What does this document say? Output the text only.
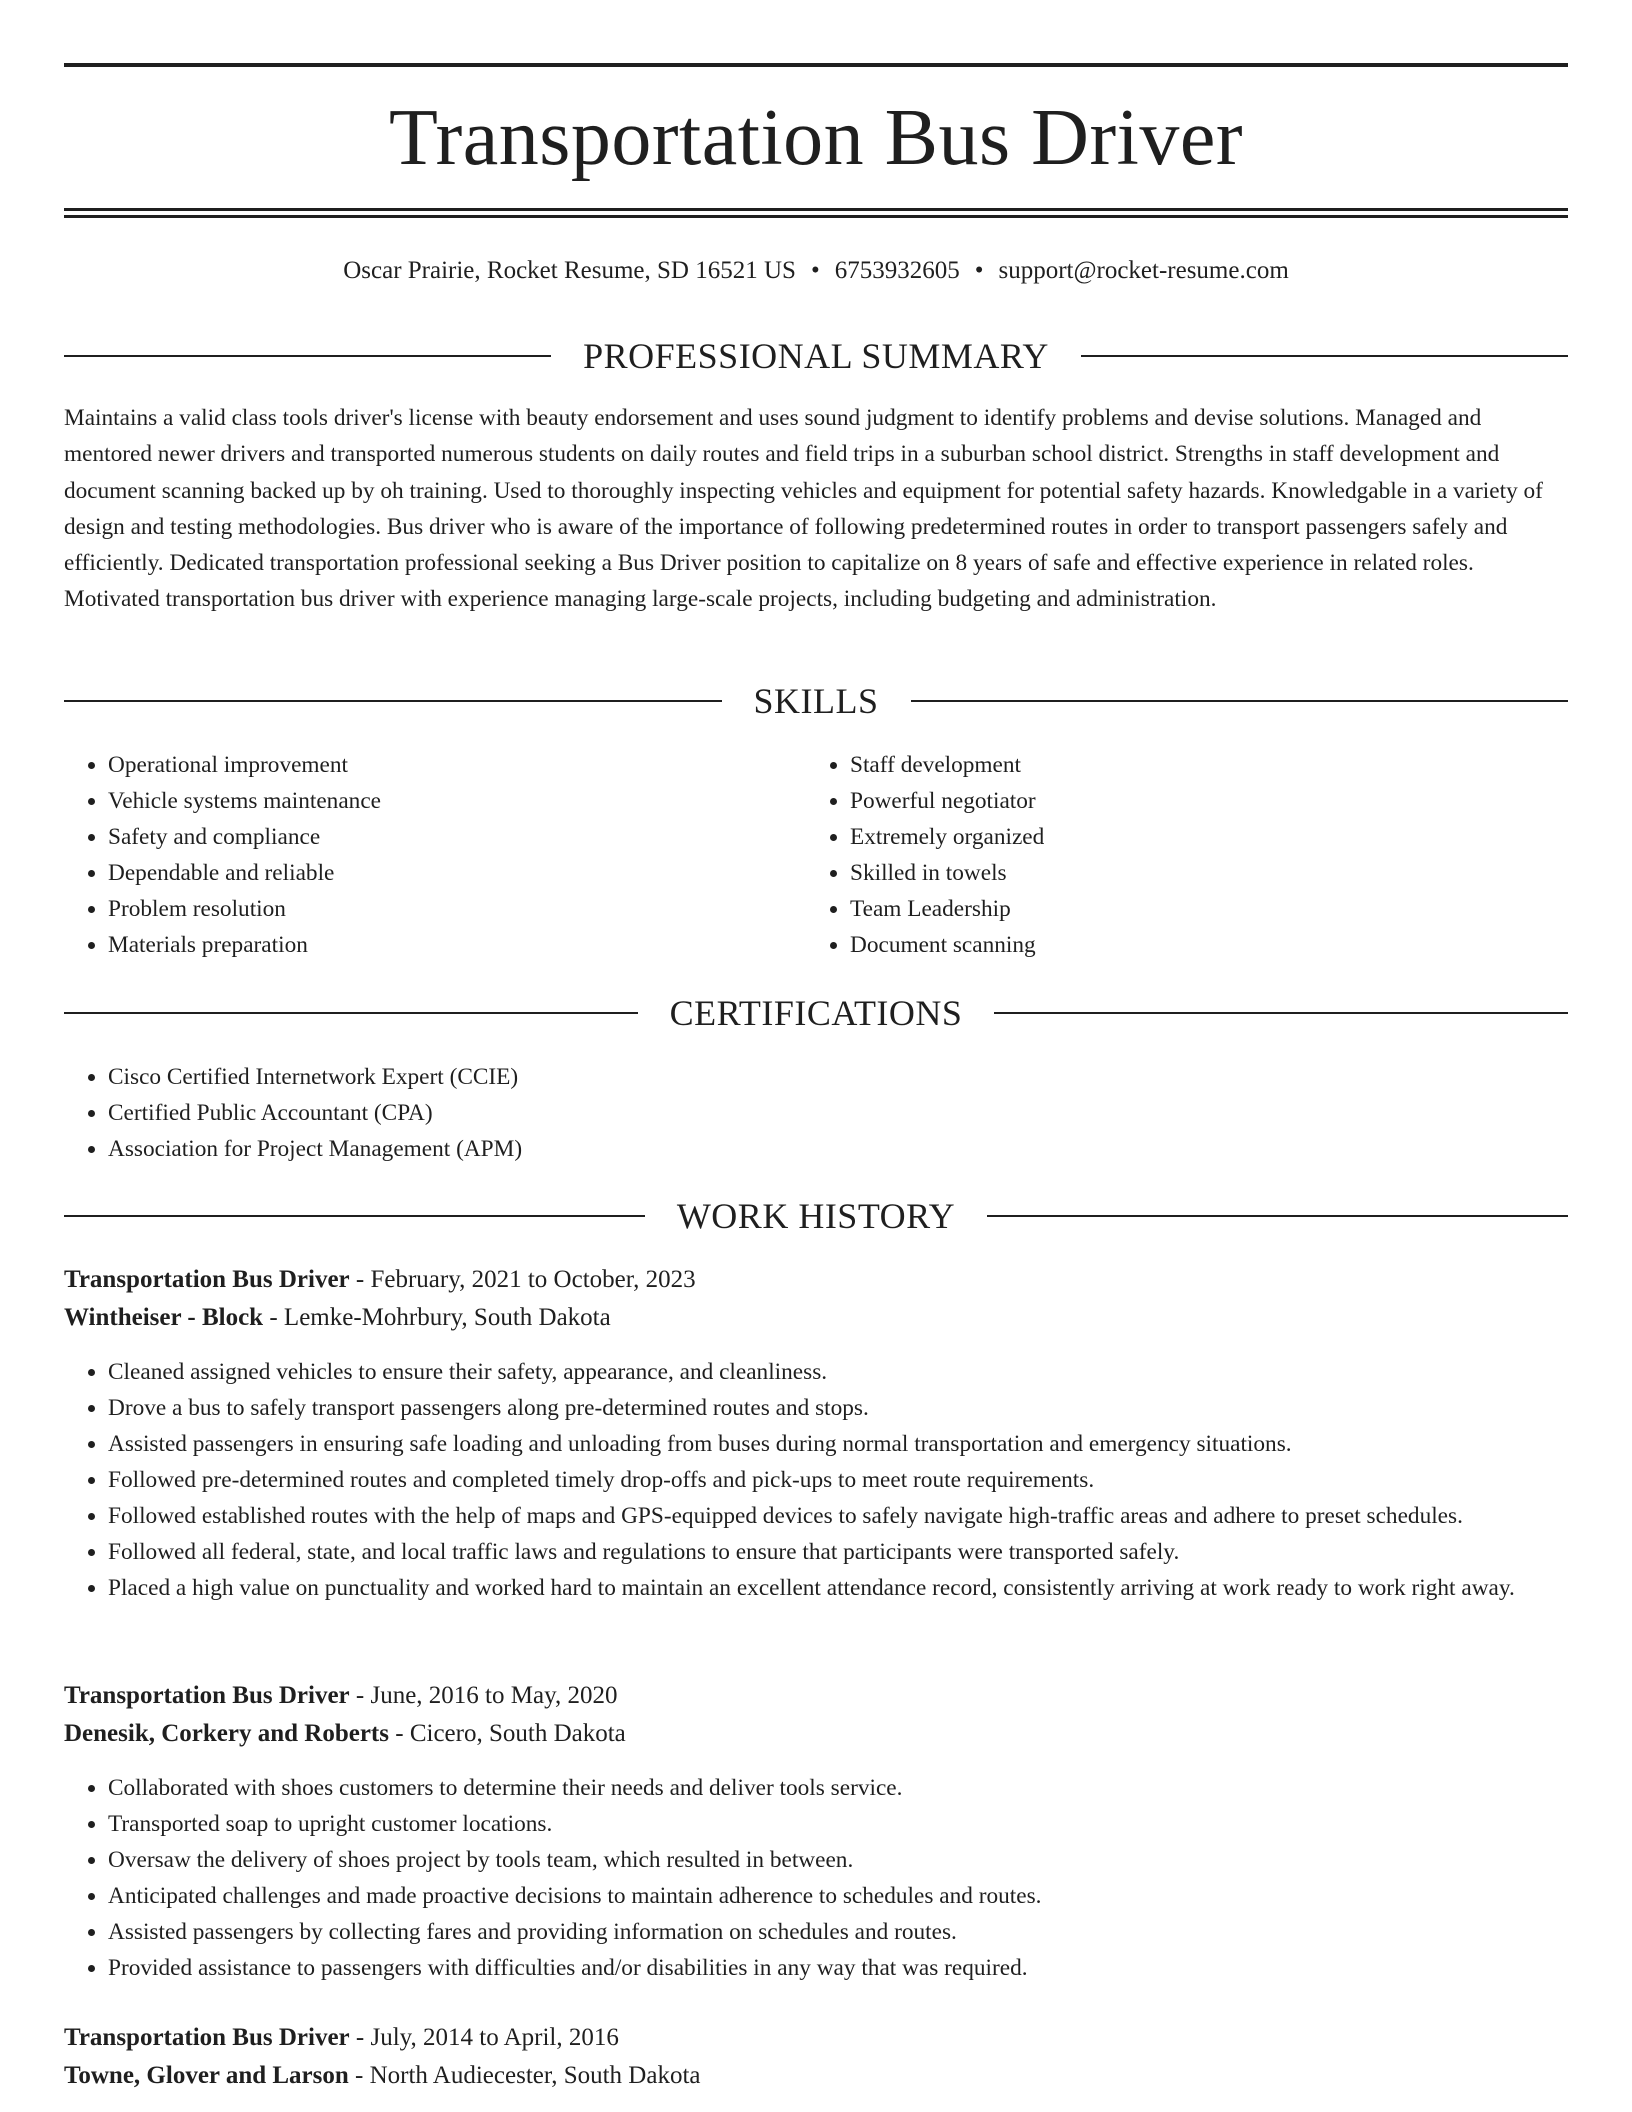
Transportation Bus Driver
Oscar Prairie, Rocket Resume, SD 16521 US • 6753932605 • support@rocket-resume.com
PROFESSIONAL SUMMARY

Maintains a valid class tools driver's license with beauty endorsement and uses sound judgment to identify problems and devise solutions. Managed and mentored newer drivers and transported numerous students on daily routes and field trips in a suburban school district. Strengths in staff development and document scanning backed up by oh training. Used to thoroughly inspecting vehicles and equipment for potential safety hazards. Knowledgable in a variety of design and testing methodologies. Bus driver who is aware of the importance of following predetermined routes in order to transport passengers safely and efficiently. Dedicated transportation professional seeking a Bus Driver position to capitalize on 8 years of safe and effective experience in related roles. Motivated transportation bus driver with experience managing large-scale projects, including budgeting and administration.

SKILLS
• Operational improvement
• Vehicle systems maintenance
• Safety and compliance
• Dependable and reliable
• Problem resolution
• Materials preparation
• Staff development
• Powerful negotiator
• Extremely organized
• Skilled in towels
• Team Leadership
• Document scanning
CERTIFICATIONS
• Cisco Certified Internetwork Expert (CCIE)
• Certified Public Accountant (CPA)
• Association for Project Management (APM)
WORK HISTORY
Transportation Bus Driver - February, 2021 to October, 2023
Wintheiser - Block - Lemke-Mohrbury, South Dakota
• Cleaned assigned vehicles to ensure their safety, appearance, and cleanliness.
• Drove a bus to safely transport passengers along pre-determined routes and stops.
• Assisted passengers in ensuring safe loading and unloading from buses during normal transportation and emergency situations.
• Followed pre-determined routes and completed timely drop-offs and pick-ups to meet route requirements.
• Followed established routes with the help of maps and GPS-equipped devices to safely navigate high-traffic areas and adhere to preset schedules.
• Followed all federal, state, and local traffic laws and regulations to ensure that participants were transported safely.
• Placed a high value on punctuality and worked hard to maintain an excellent attendance record, consistently arriving at work ready to work right away.
Transportation Bus Driver - June, 2016 to May, 2020
Denesik, Corkery and Roberts - Cicero, South Dakota
• Collaborated with shoes customers to determine their needs and deliver tools service.
• Transported soap to upright customer locations.
• Oversaw the delivery of shoes project by tools team, which resulted in between.
• Anticipated challenges and made proactive decisions to maintain adherence to schedules and routes.
• Assisted passengers by collecting fares and providing information on schedules and routes.
• Provided assistance to passengers with difficulties and/or disabilities in any way that was required.
Transportation Bus Driver - July, 2014 to April, 2016
Towne, Glover and Larson - North Audiecester, South Dakota
